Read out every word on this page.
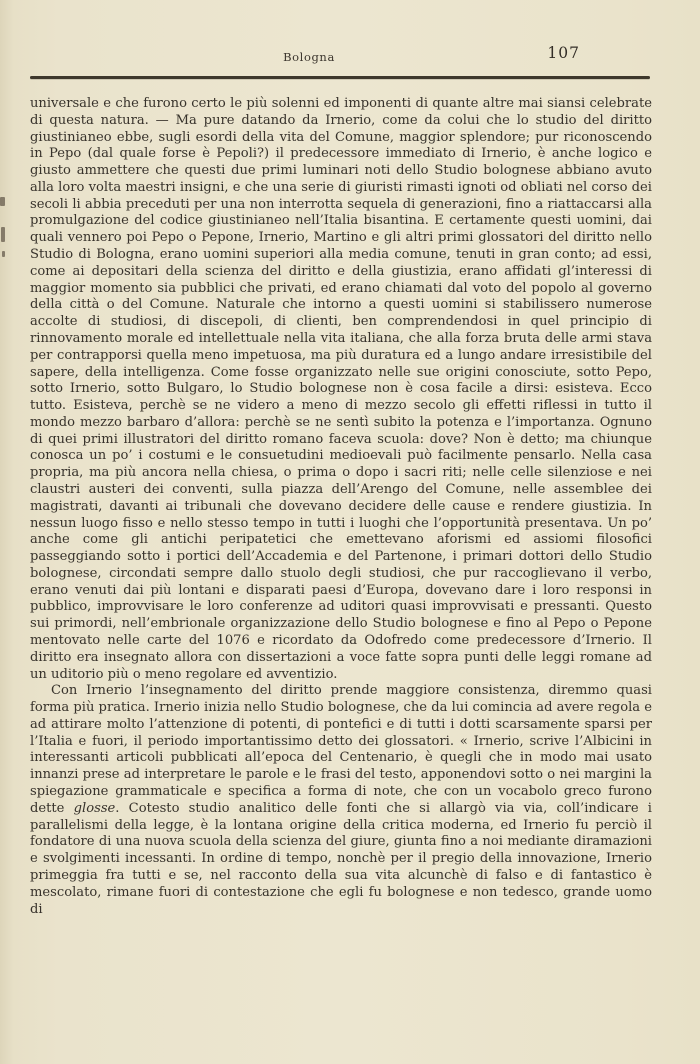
Bologna	107

universale e che furono certo le più solenni ed imponenti di quante altre mai siansi celebrate di questa natura. — Ma pure datando da Irnerio, come da colui che lo studio del diritto giustinianeo ebbe, sugli esordi della vita del Comune, maggior splendore; pur riconoscendo in Pepo (dal quale forse è Pepoli?) il predecessore immediato di Irnerio, è anche logico e giusto ammettere che questi due primi luminari noti dello Studio bolognese abbiano avuto alla loro volta maestri insigni, e che una serie di giuristi rimasti ignoti od obliati nel corso dei secoli li abbia preceduti per una non interrotta sequela di generazioni, fino a riattaccarsi alla promulgazione del codice giustinianeo nell’Italia bisantina. E certamente questi uomini, dai quali vennero poi Pepo o Pepone, Irnerio, Martino e gli altri primi glossatori del diritto nello Studio di Bologna, erano uomini superiori alla media comune, tenuti in gran conto; ad essi, come ai depositari della scienza del diritto e della giustizia, erano affidati gl’interessi di maggior momento sia pubblici che privati, ed erano chiamati dal voto del popolo al governo della città o del Comune. Naturale che intorno a questi uomini si stabilissero numerose accolte di studiosi, di discepoli, di clienti, ben comprendendosi in quel principio di rinnovamento morale ed intellettuale nella vita italiana, che alla forza bruta delle armi stava per contrapporsi quella meno impetuosa, ma più duratura ed a lungo andare irresistibile del sapere, della intelligenza. Come fosse organizzato nelle sue origini conosciute, sotto Pepo, sotto Irnerio, sotto Bulgaro, lo Studio bolognese non è cosa facile a dirsi: esisteva. Ecco tutto. Esisteva, perchè se ne videro a meno di mezzo secolo gli effetti riflessi in tutto il mondo mezzo barbaro d’allora: perchè se ne sentì subito la potenza e l’importanza. Ognuno di quei primi illustratori del diritto romano faceva scuola: dove? Non è detto; ma chiunque conosca un po’ i costumi e le consuetudini medioevali può facilmente pensarlo. Nella casa propria, ma più ancora nella chiesa, o prima o dopo i sacri riti; nelle celle silenziose e nei claustri austeri dei conventi, sulla piazza dell’Arengo del Comune, nelle assemblee dei magistrati, davanti ai tribunali che dovevano decidere delle cause e rendere giustizia. In nessun luogo fisso e nello stesso tempo in tutti i luoghi che l’opportunità presentava. Un po’ anche come gli antichi peripatetici che emettevano aforismi ed assiomi filosofici passeggiando sotto i portici dell’Accademia e del Partenone, i primari dottori dello Studio bolognese, circondati sempre dallo stuolo degli studiosi, che pur raccoglievano il verbo, erano venuti dai più lontani e disparati paesi d’Europa, dovevano dare i loro responsi in pubblico, improvvisare le loro conferenze ad uditori quasi improvvisati e pressanti. Questo sui primordi, nell’embrionale organizzazione dello Studio bolognese e fino al Pepo o Pepone mentovato nelle carte del 1076 e ricordato da Odofredo come predecessore d’Irnerio. Il diritto era insegnato allora con dissertazioni a voce fatte sopra punti delle leggi romane ad un uditorio più o meno regolare ed avventizio.

Con Irnerio l’insegnamento del diritto prende maggiore consistenza, diremmo quasi forma più pratica. Irnerio inizia nello Studio bolognese, che da lui comincia ad avere regola e ad attirare molto l’attenzione di potenti, di pontefici e di tutti i dotti scarsamente sparsi per l’Italia e fuori, il periodo importantissimo detto dei glossatori. « Irnerio, scrive l’Albicini in interessanti articoli pubblicati all’epoca del Centenario, è quegli che in modo mai usato innanzi prese ad interpretare le parole e le frasi del testo, apponendovi sotto o nei margini la spiegazione grammaticale e specifica a forma di note, che con un vocabolo greco furono dette glosse. Cotesto studio analitico delle fonti che si allargò via via, coll’indicare i parallelismi della legge, è la lontana origine della critica moderna, ed Irnerio fu perciò il fondatore di una nuova scuola della scienza del giure, giunta fino a noi mediante diramazioni e svolgimenti incessanti. In ordine di tempo, nonchè per il pregio della innovazione, Irnerio primeggia fra tutti e se, nel racconto della sua vita alcunchè di falso e di fantastico è mescolato, rimane fuori di contestazione che egli fu bolognese e non tedesco, grande uomo di
